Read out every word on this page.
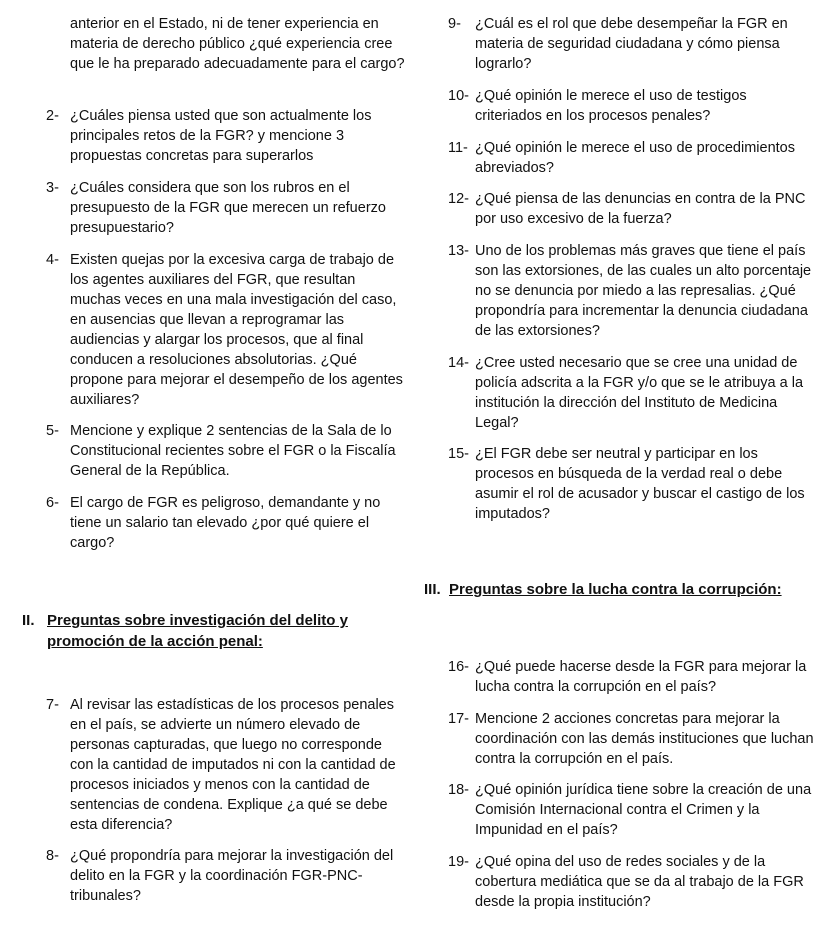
anterior en el Estado, ni de tener experiencia en materia de derecho público ¿qué experiencia cree que le ha preparado adecuadamente para el cargo?
2- ¿Cuáles piensa usted que son actualmente los principales retos de la FGR? y mencione 3 propuestas concretas para superarlos
3- ¿Cuáles considera que son los rubros en el presupuesto de la FGR que merecen un refuerzo presupuestario?
4- Existen quejas por la excesiva carga de trabajo de los agentes auxiliares del FGR, que resultan muchas veces en una mala investigación del caso, en ausencias que llevan a reprogramar las audiencias y alargar los procesos, que al final conducen a resoluciones absolutorias. ¿Qué propone para mejorar el desempeño de los agentes auxiliares?
5- Mencione y explique 2 sentencias de la Sala de lo Constitucional recientes sobre el FGR o la Fiscalía General de la República.
6- El cargo de FGR es peligroso, demandante y no tiene un salario tan elevado ¿por qué quiere el cargo?
II. Preguntas sobre investigación del delito y promoción de la acción penal:
7- Al revisar las estadísticas de los procesos penales en el país, se advierte un número elevado de personas capturadas, que luego no corresponde con la cantidad de imputados ni con la cantidad de procesos iniciados y menos con la cantidad de sentencias de condena. Explique ¿a qué se debe esta diferencia?
8- ¿Qué propondría para mejorar la investigación del delito en la FGR y la coordinación FGR-PNC-tribunales?
9- ¿Cuál es el rol que debe desempeñar la FGR en materia de seguridad ciudadana y cómo piensa lograrlo?
10- ¿Qué opinión le merece el uso de testigos criteriados en los procesos penales?
11- ¿Qué opinión le merece el uso de procedimientos abreviados?
12- ¿Qué piensa de las denuncias en contra de la PNC por uso excesivo de la fuerza?
13- Uno de los problemas más graves que tiene el país son las extorsiones, de las cuales un alto porcentaje no se denuncia por miedo a las represalias. ¿Qué propondría para incrementar la denuncia ciudadana de las extorsiones?
14- ¿Cree usted necesario que se cree una unidad de policía adscrita a la FGR y/o que se le atribuya a la institución la dirección del Instituto de Medicina Legal?
15- ¿El FGR debe ser neutral y participar en los procesos en búsqueda de la verdad real o debe asumir el rol de acusador y buscar el castigo de los imputados?
III. Preguntas sobre la lucha contra la corrupción:
16- ¿Qué puede hacerse desde la FGR para mejorar la lucha contra la corrupción en el país?
17- Mencione 2 acciones concretas para mejorar la coordinación con las demás instituciones que luchan contra la corrupción en el país.
18- ¿Qué opinión jurídica tiene sobre la creación de una Comisión Internacional contra el Crimen y la Impunidad en el país?
19- ¿Qué opina del uso de redes sociales y de la cobertura mediática que se da al trabajo de la FGR desde la propia institución?
